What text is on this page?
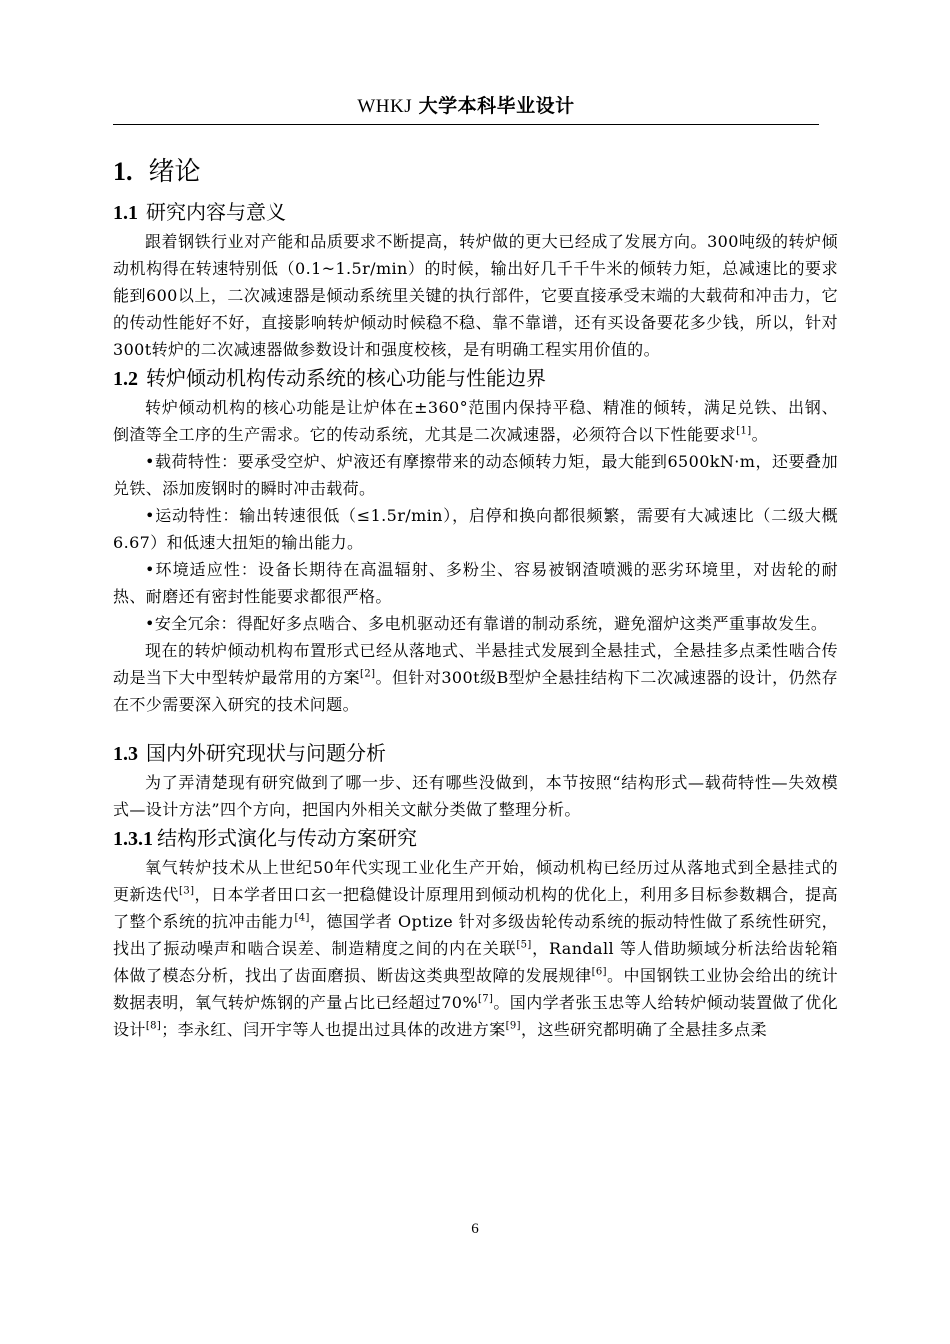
WHKJ 大学本科毕业设计
1. 绪论
1.1 研究内容与意义

跟着钢铁行业对产能和品质要求不断提高，转炉做的更大已经成了发展方向。300吨级的转炉倾动机构得在转速特别低（0.1~1.5r/min）的时候，输出好几千千牛米的倾转力矩，总减速比的要求能到600以上，二次减速器是倾动系统里关键的执行部件，它要直接承受末端的大载荷和冲击力，它的传动性能好不好，直接影响转炉倾动时候稳不稳、靠不靠谱，还有买设备要花多少钱，所以，针对300t转炉的二次减速器做参数设计和强度校核，是有明确工程实用价值的。

1.2 转炉倾动机构传动系统的核心功能与性能边界

转炉倾动机构的核心功能是让炉体在±360°范围内保持平稳、精准的倾转，满足兑铁、出钢、倒渣等全工序的生产需求。它的传动系统，尤其是二次减速器，必须符合以下性能要求[1]。

•载荷特性：要承受空炉、炉液还有摩擦带来的动态倾转力矩，最大能到6500kN·m，还要叠加兑铁、添加废钢时的瞬时冲击载荷。

•运动特性：输出转速很低（≤1.5r/min），启停和换向都很频繁，需要有大减速比（二级大概6.67）和低速大扭矩的输出能力。

•环境适应性：设备长期待在高温辐射、多粉尘、容易被钢渣喷溅的恶劣环境里，对齿轮的耐热、耐磨还有密封性能要求都很严格。

•安全冗余：得配好多点啮合、多电机驱动还有靠谱的制动系统，避免溜炉这类严重事故发生。

现在的转炉倾动机构布置形式已经从落地式、半悬挂式发展到全悬挂式，全悬挂多点柔性啮合传动是当下大中型转炉最常用的方案[2]。但针对300t级B型炉全悬挂结构下二次减速器的设计，仍然存在不少需要深入研究的技术问题。

1.3 国内外研究现状与问题分析

为了弄清楚现有研究做到了哪一步、还有哪些没做到，本节按照“结构形式—载荷特性—失效模式—设计方法”四个方向，把国内外相关文献分类做了整理分析。

1.3.1 结构形式演化与传动方案研究

氧气转炉技术从上世纪50年代实现工业化生产开始，倾动机构已经历过从落地式到全悬挂式的更新迭代[3]，日本学者田口玄一把稳健设计原理用到倾动机构的优化上，利用多目标参数耦合，提高了整个系统的抗冲击能力[4]，德国学者 Optize 针对多级齿轮传动系统的振动特性做了系统性研究，找出了振动噪声和啮合误差、制造精度之间的内在关联[5]，Randall 等人借助频域分析法给齿轮箱体做了模态分析，找出了齿面磨损、断齿这类典型故障的发展规律[6]。中国钢铁工业协会给出的统计数据表明，氧气转炉炼钢的产量占比已经超过70%[7]。国内学者张玉忠等人给转炉倾动装置做了优化设计[8]；李永红、闫开宇等人也提出过具体的改进方案[9]，这些研究都明确了全悬挂多点柔

6
